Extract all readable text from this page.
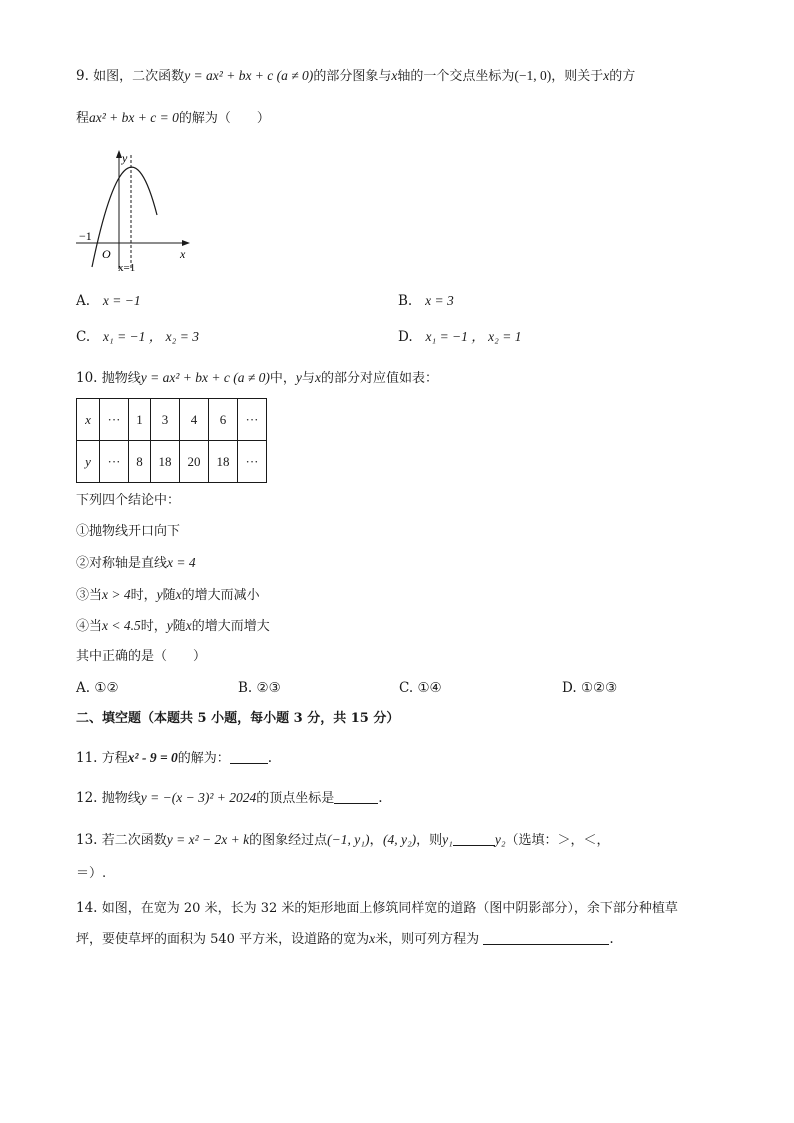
9. 如图，二次函数y = ax² + bx + c (a ≠ 0)的部分图象与x轴的一个交点坐标为(−1, 0)，则关于x的方
程ax² + bx + c = 0的解为（　　）
y
x
O
−1
x=1
A. x = −1	B. x = 3
C. x₁ = −1 ， x₂ = 3	D. x₁ = −1 ， x₂ = 1
10. 抛物线y = ax² + bx + c (a ≠ 0)中，y与x的部分对应值如表：
x	···	1	3	4	6	···
y	···	8	18	20	18	···
下列四个结论中：
①抛物线开口向下
②对称轴是直线x = 4
③当x > 4时，y随x的增大而减小
④当x < 4.5时，y随x的增大而增大
其中正确的是（　　）
A. ①②	B. ②③	C. ①④	D. ①②③
二、填空题（本题共 5 小题，每小题 3 分，共 15 分）
11. 方程x² - 9 = 0的解为：	.
12. 抛物线y = −(x − 3)² + 2024的顶点坐标是	.
13. 若二次函数y = x² − 2x + k的图象经过点(−1, y₁)，(4, y₂)，则y₁	y₂（选填：＞，＜，
＝）.
14. 如图，在宽为 20 米，长为 32 米的矩形地面上修筑同样宽的道路（图中阴影部分），余下部分种植草
坪，要使草坪的面积为 540 平方米，设道路的宽为x米，则可列方程为	.
